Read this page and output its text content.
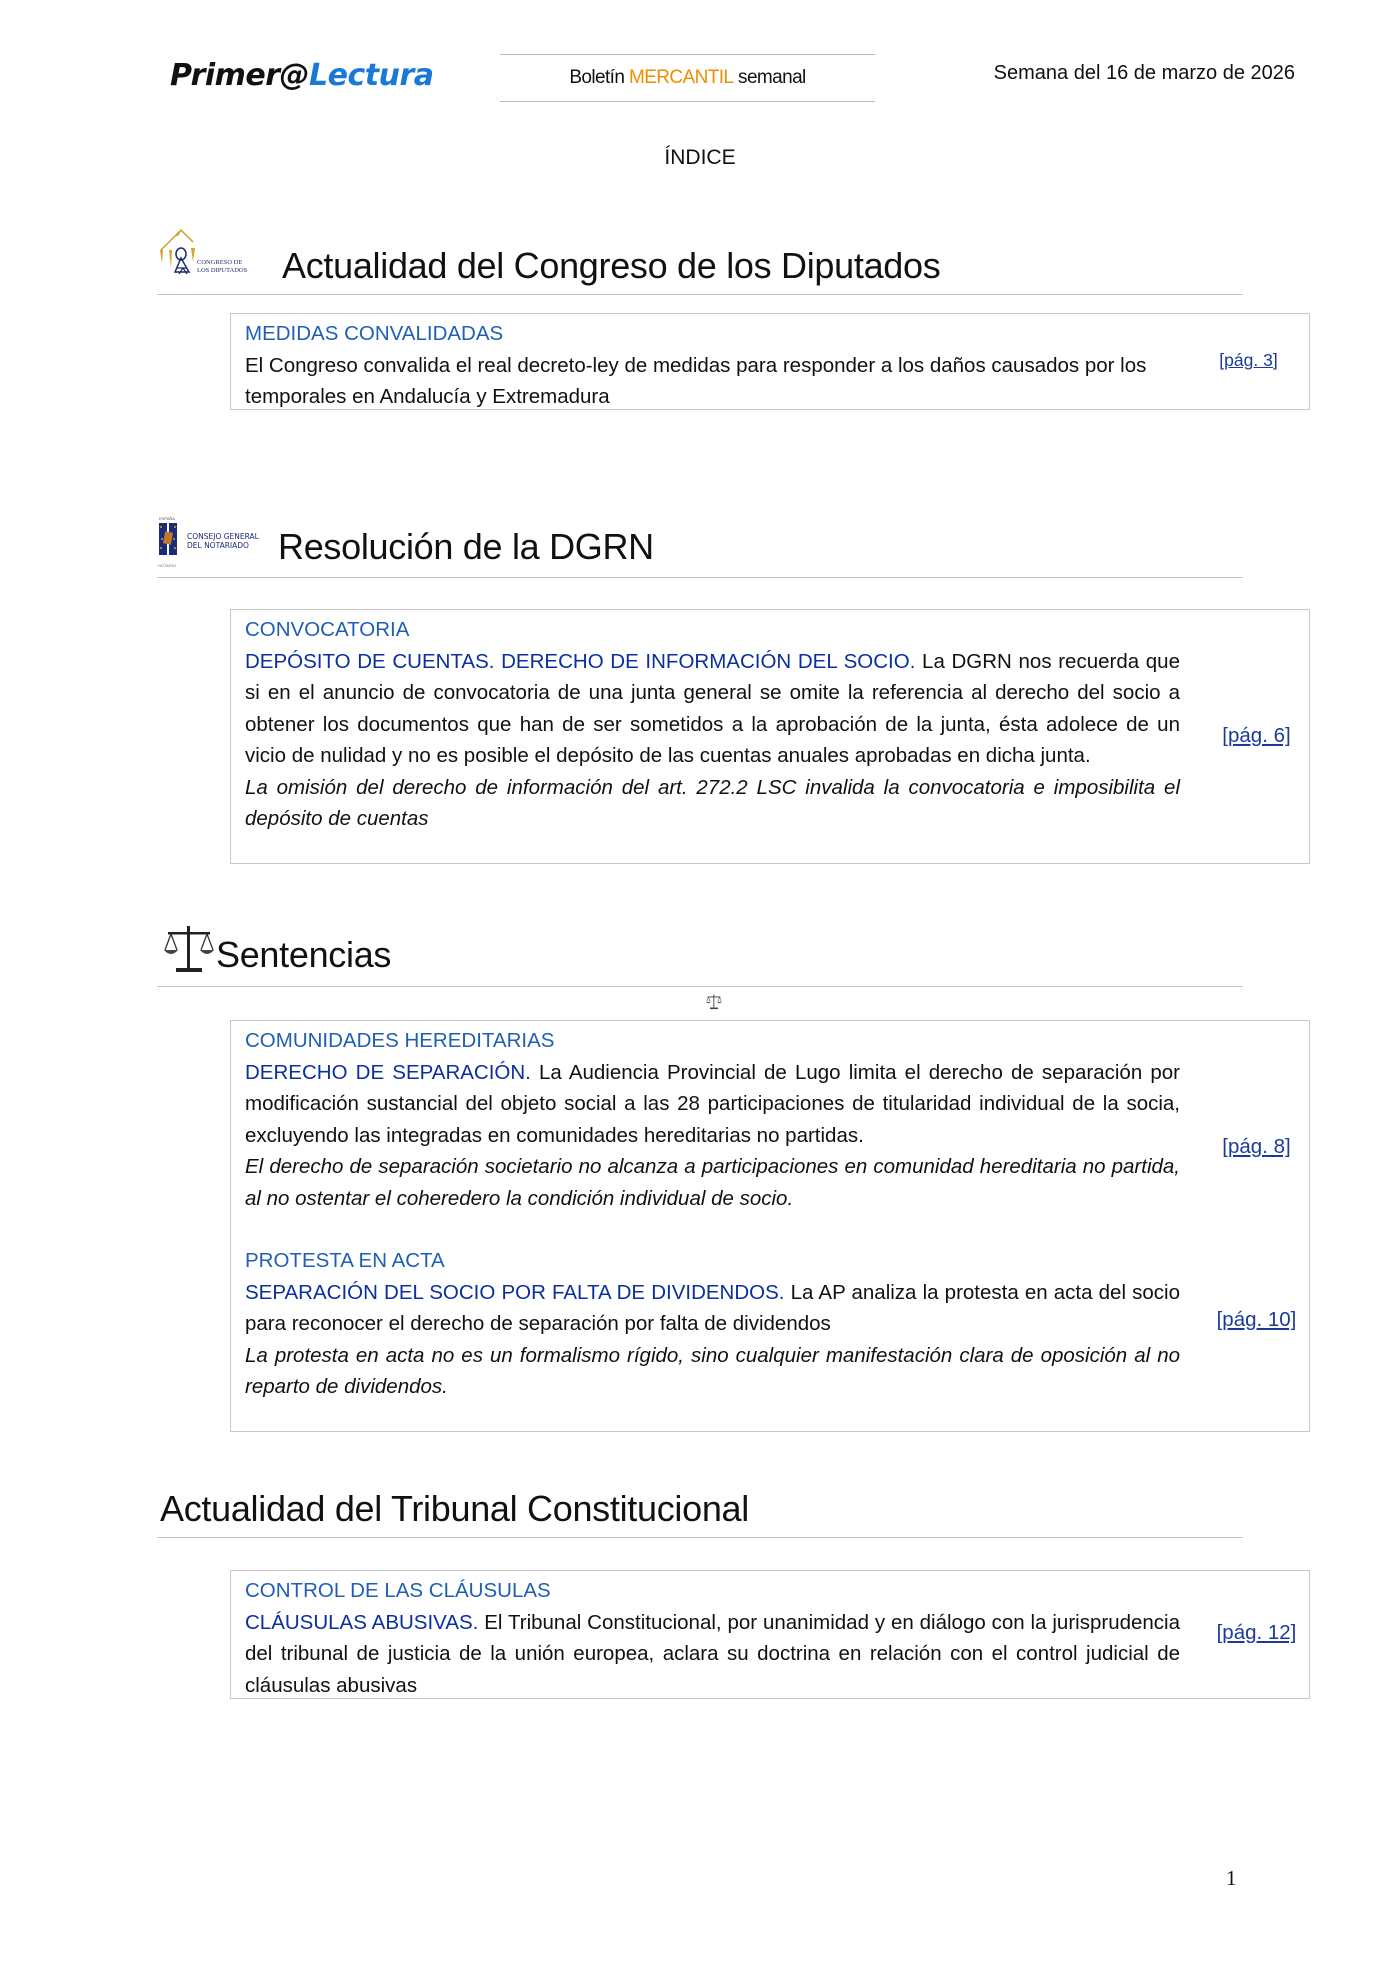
Primer@Lectura	Boletín MERCANTIL semanal	Semana del 16 de marzo de 2026
ÍNDICE
CONGRESO DE
LOS DIPUTADOS Actualidad del Congreso de los Diputados
MEDIDAS CONVALIDADAS
El Congreso convalida el real decreto-ley de medidas para responder a los daños causados por los temporales en Andalucía y Extremadura
[pág. 3]
ESPAÑA
NOTARIO
CONSEJO GENERAL
DEL NOTARIADO Resolución de la DGRN
CONVOCATORIA
DEPÓSITO DE CUENTAS. DERECHO DE INFORMACIÓN DEL SOCIO. La DGRN nos recuerda que si en el anuncio de convocatoria de una junta general se omite la referencia al derecho del socio a obtener los documentos que han de ser sometidos a la aprobación de la junta, ésta adolece de un vicio de nulidad y no es posible el depósito de las cuentas anuales aprobadas en dicha junta.
La omisión del derecho de información del art. 272.2 LSC invalida la convocatoria e imposibilita el depósito de cuentas
[pág. 6]
Sentencias
COMUNIDADES HEREDITARIAS
DERECHO DE SEPARACIÓN. La Audiencia Provincial de Lugo limita el derecho de separación por modificación sustancial del objeto social a las 28 participaciones de titularidad individual de la socia, excluyendo las integradas en comunidades hereditarias no partidas.
El derecho de separación societario no alcanza a participaciones en comunidad hereditaria no partida, al no ostentar el coheredero la condición individual de socio.
[pág. 8]
PROTESTA EN ACTA
SEPARACIÓN DEL SOCIO POR FALTA DE DIVIDENDOS. La AP analiza la protesta en acta del socio para reconocer el derecho de separación por falta de dividendos
La protesta en acta no es un formalismo rígido, sino cualquier manifestación clara de oposición al no reparto de dividendos.
[pág. 10]
Actualidad del Tribunal Constitucional
CONTROL DE LAS CLÁUSULAS
CLÁUSULAS ABUSIVAS. El Tribunal Constitucional, por unanimidad y en diálogo con la jurisprudencia del tribunal de justicia de la unión europea, aclara su doctrina en relación con el control judicial de cláusulas abusivas
[pág. 12]
1
